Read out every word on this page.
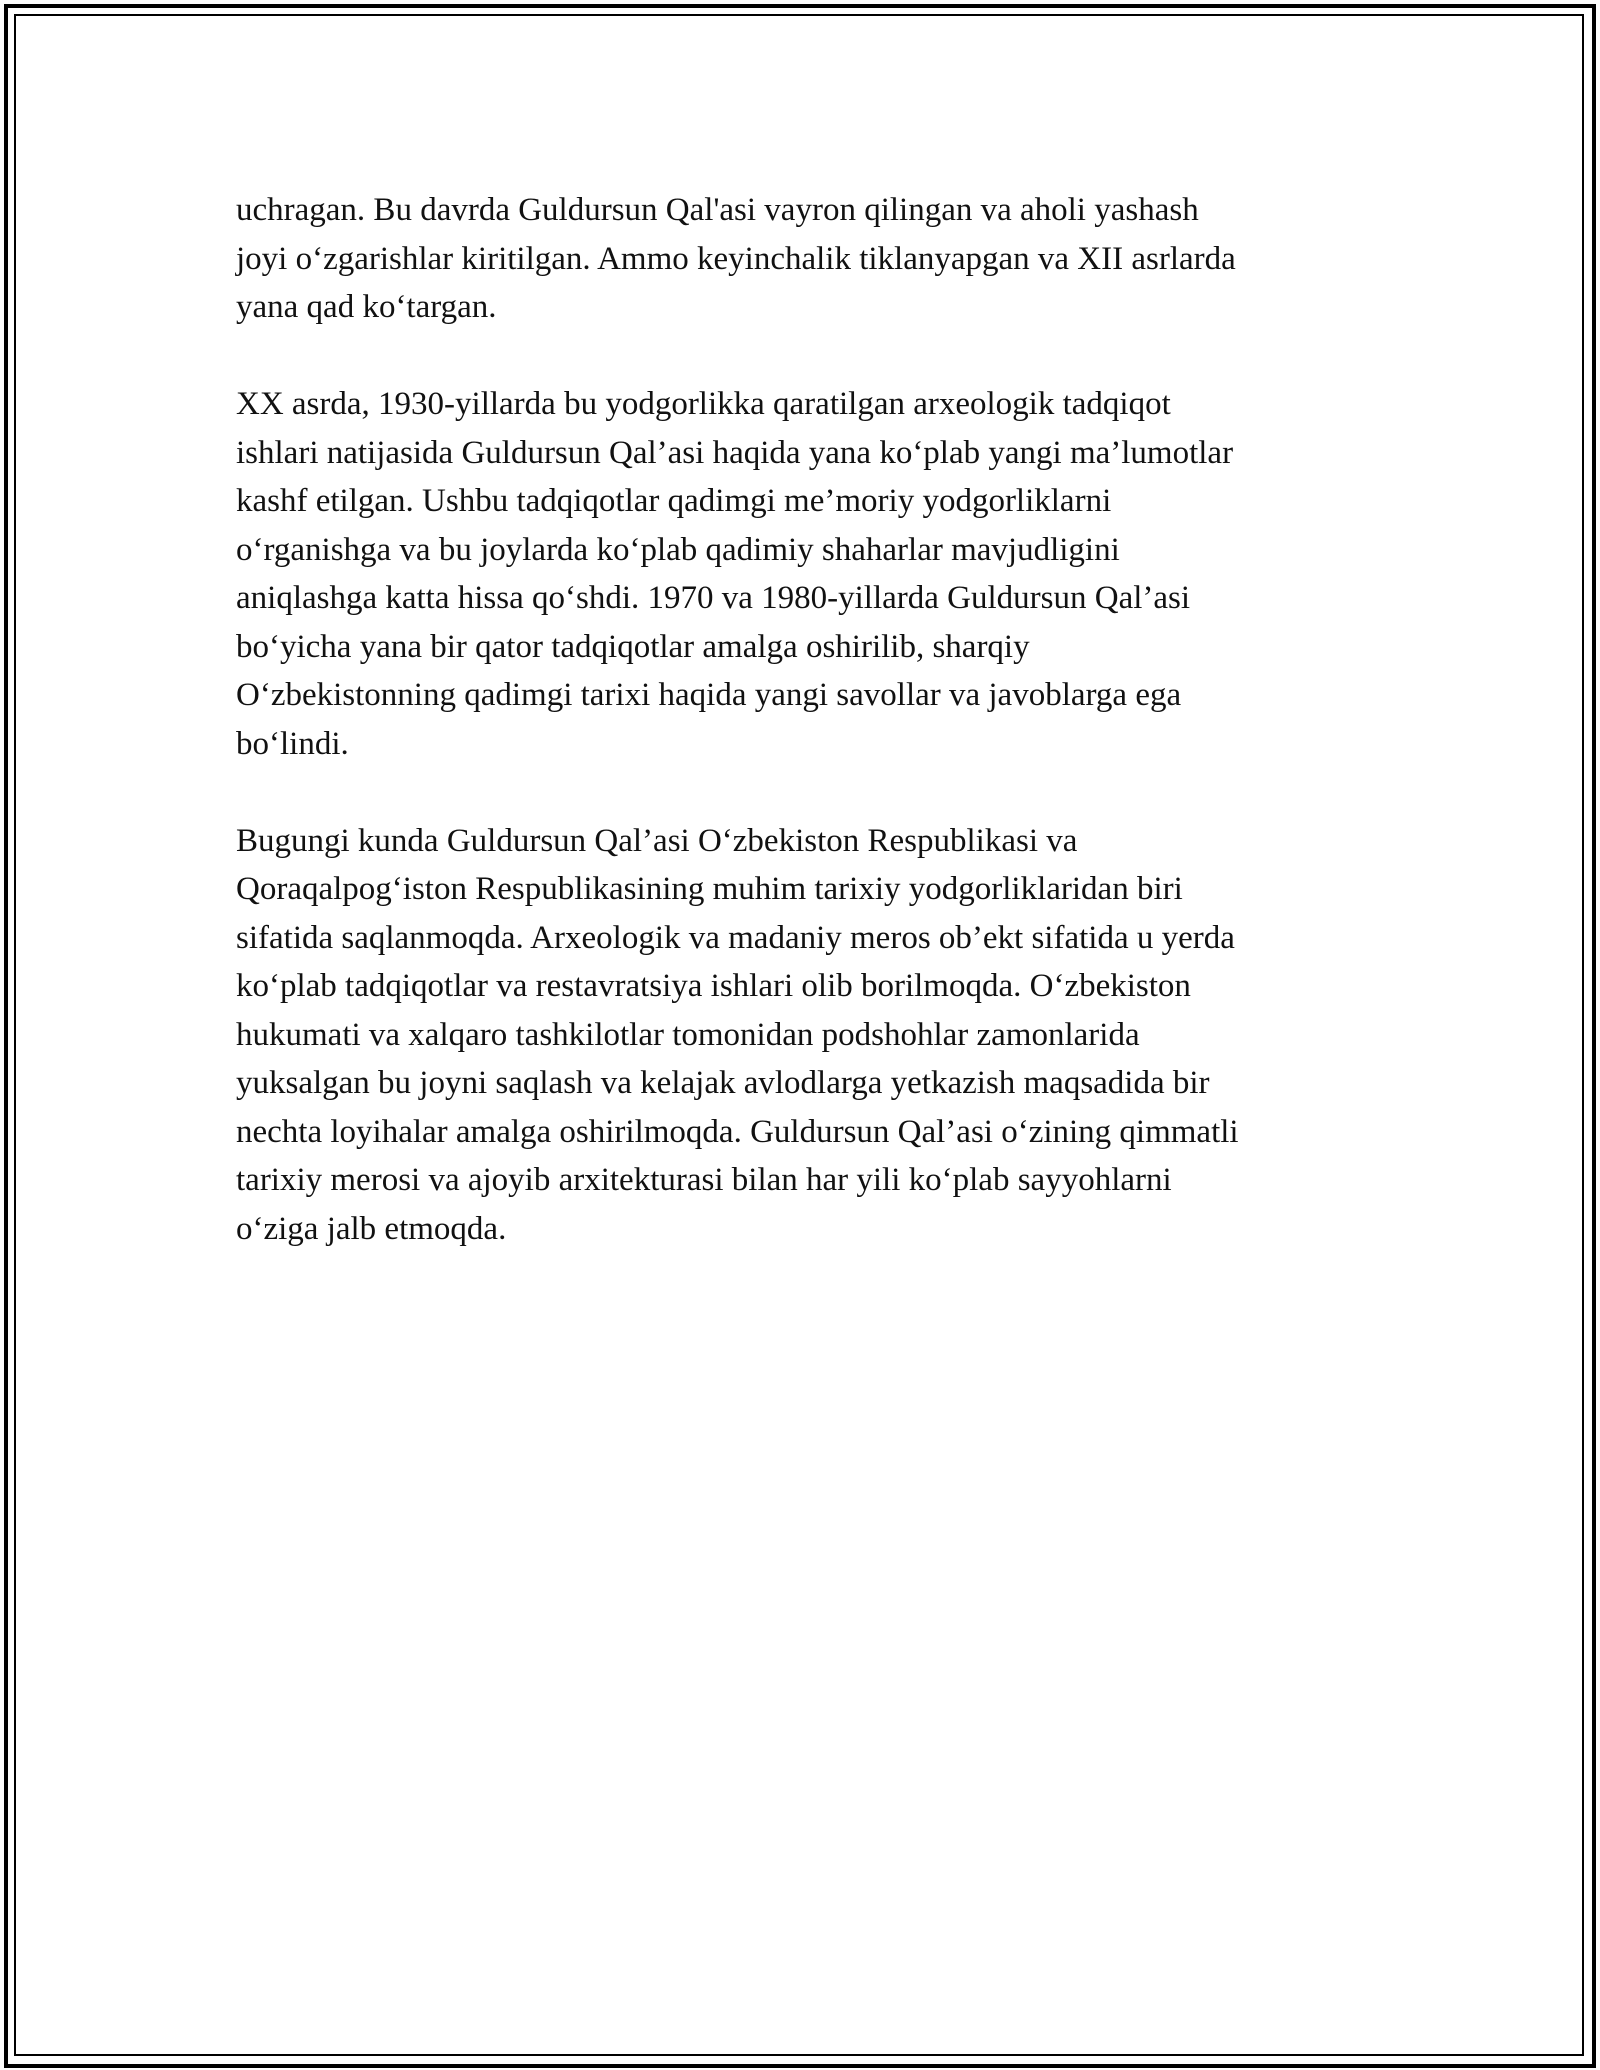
uchragan. Bu davrda Guldursun Qal'asi vayron qilingan va aholi yashash
joyi oʻzgarishlar kiritilgan. Ammo keyinchalik tiklanyapgan va XII asrlarda
yana qad koʻtargan.

XX asrda, 1930-yillarda bu yodgorlikka qaratilgan arxeologik tadqiqot
ishlari natijasida Guldursun Qal’asi haqida yana koʻplab yangi ma’lumotlar
kashf etilgan. Ushbu tadqiqotlar qadimgi me’moriy yodgorliklarni
oʻrganishga va bu joylarda koʻplab qadimiy shaharlar mavjudligini
aniqlashga katta hissa qoʻshdi. 1970 va 1980-yillarda Guldursun Qal’asi
boʻyicha yana bir qator tadqiqotlar amalga oshirilib, sharqiy
Oʻzbekistonning qadimgi tarixi haqida yangi savollar va javoblarga ega
boʻlindi.

Bugungi kunda Guldursun Qal’asi Oʻzbekiston Respublikasi va
Qoraqalpogʻiston Respublikasining muhim tarixiy yodgorliklaridan biri
sifatida saqlanmoqda. Arxeologik va madaniy meros ob’ekt sifatida u yerda
koʻplab tadqiqotlar va restavratsiya ishlari olib borilmoqda. Oʻzbekiston
hukumati va xalqaro tashkilotlar tomonidan podshohlar zamonlarida
yuksalgan bu joyni saqlash va kelajak avlodlarga yetkazish maqsadida bir
nechta loyihalar amalga oshirilmoqda. Guldursun Qal’asi oʻzining qimmatli
tarixiy merosi va ajoyib arxitekturasi bilan har yili koʻplab sayyohlarni
oʻziga jalb etmoqda.
